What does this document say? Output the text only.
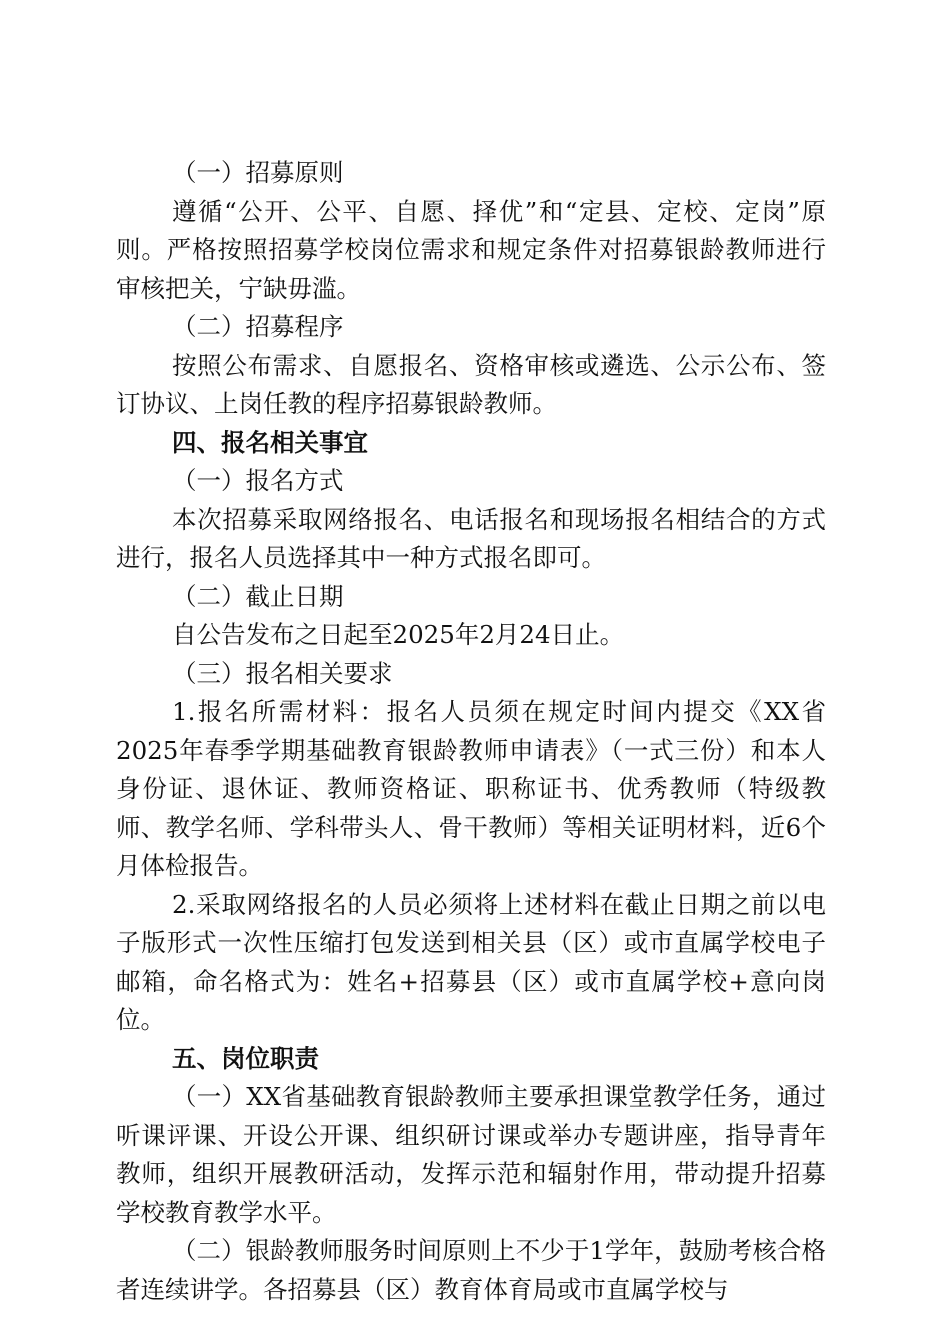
（一）招募原则

遵循“公开、公平、自愿、择优”和“定县、定校、定岗”原则。严格按照招募学校岗位需求和规定条件对招募银龄教师进行审核把关，宁缺毋滥。

（二）招募程序

按照公布需求、自愿报名、资格审核或遴选、公示公布、签订协议、上岗任教的程序招募银龄教师。

四、报名相关事宜

（一）报名方式

本次招募采取网络报名、电话报名和现场报名相结合的方式进行，报名人员选择其中一种方式报名即可。

（二）截止日期

自公告发布之日起至2025年2月24日止。

（三）报名相关要求

1.报名所需材料：报名人员须在规定时间内提交《XX省2025年春季学期基础教育银龄教师申请表》（一式三份）和本人身份证、退休证、教师资格证、职称证书、优秀教师（特级教师、教学名师、学科带头人、骨干教师）等相关证明材料，近6个月体检报告。

2.采取网络报名的人员必须将上述材料在截止日期之前以电子版形式一次性压缩打包发送到相关县（区）或市直属学校电子邮箱，命名格式为：姓名+招募县（区）或市直属学校+意向岗位。

五、岗位职责

（一）XX省基础教育银龄教师主要承担课堂教学任务，通过听课评课、开设公开课、组织研讨课或举办专题讲座，指导青年教师，组织开展教研活动，发挥示范和辐射作用，带动提升招募学校教育教学水平。

（二）银龄教师服务时间原则上不少于1学年，鼓励考核合格者连续讲学。各招募县（区）教育体育局或市直属学校与
